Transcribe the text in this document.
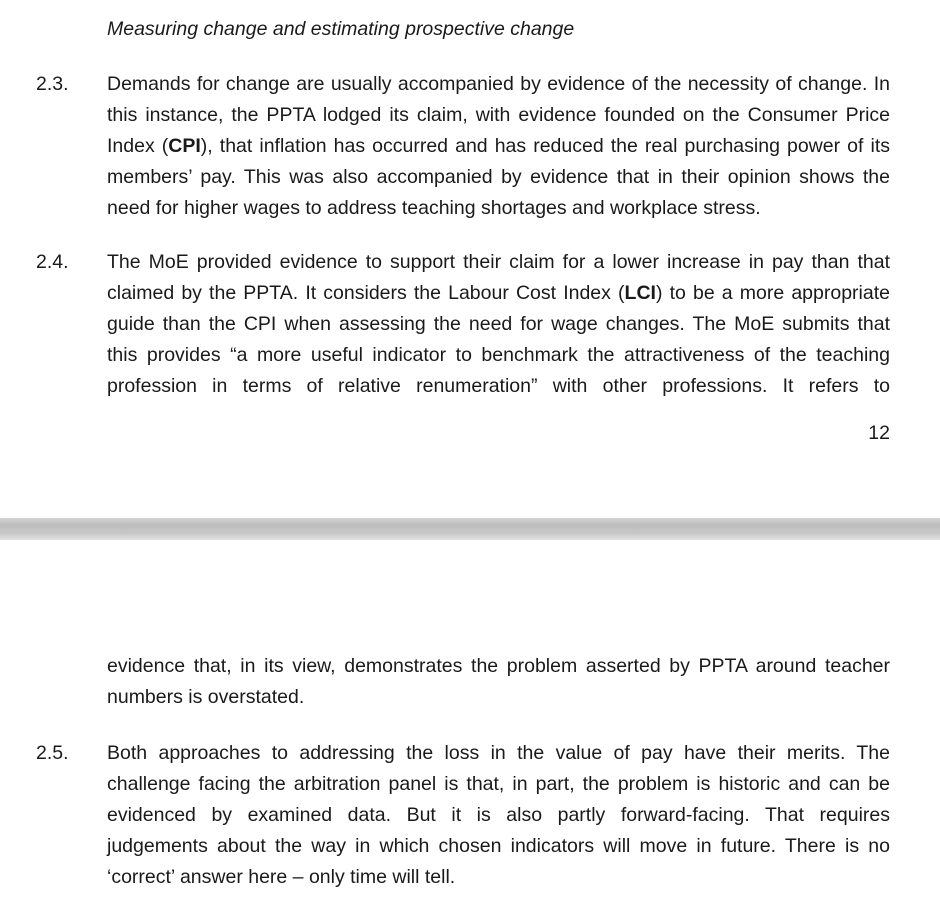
Measuring change and estimating prospective change
2.3. Demands for change are usually accompanied by evidence of the necessity of change. In
this instance, the PPTA lodged its claim, with evidence founded on the Consumer Price
Index (CPI), that inflation has occurred and has reduced the real purchasing power of its
members’ pay. This was also accompanied by evidence that in their opinion shows the
need for higher wages to address teaching shortages and workplace stress.
2.4. The MoE provided evidence to support their claim for a lower increase in pay than that
claimed by the PPTA. It considers the Labour Cost Index (LCI) to be a more appropriate
guide than the CPI when assessing the need for wage changes. The MoE submits that
this provides “a more useful indicator to benchmark the attractiveness of the teaching
profession in terms of relative renumeration” with other professions. It refers to
12
evidence that, in its view, demonstrates the problem asserted by PPTA around teacher
numbers is overstated.
2.5. Both approaches to addressing the loss in the value of pay have their merits. The
challenge facing the arbitration panel is that, in part, the problem is historic and can be
evidenced by examined data. But it is also partly forward-facing. That requires
judgements about the way in which chosen indicators will move in future. There is no
‘correct’ answer here – only time will tell.
